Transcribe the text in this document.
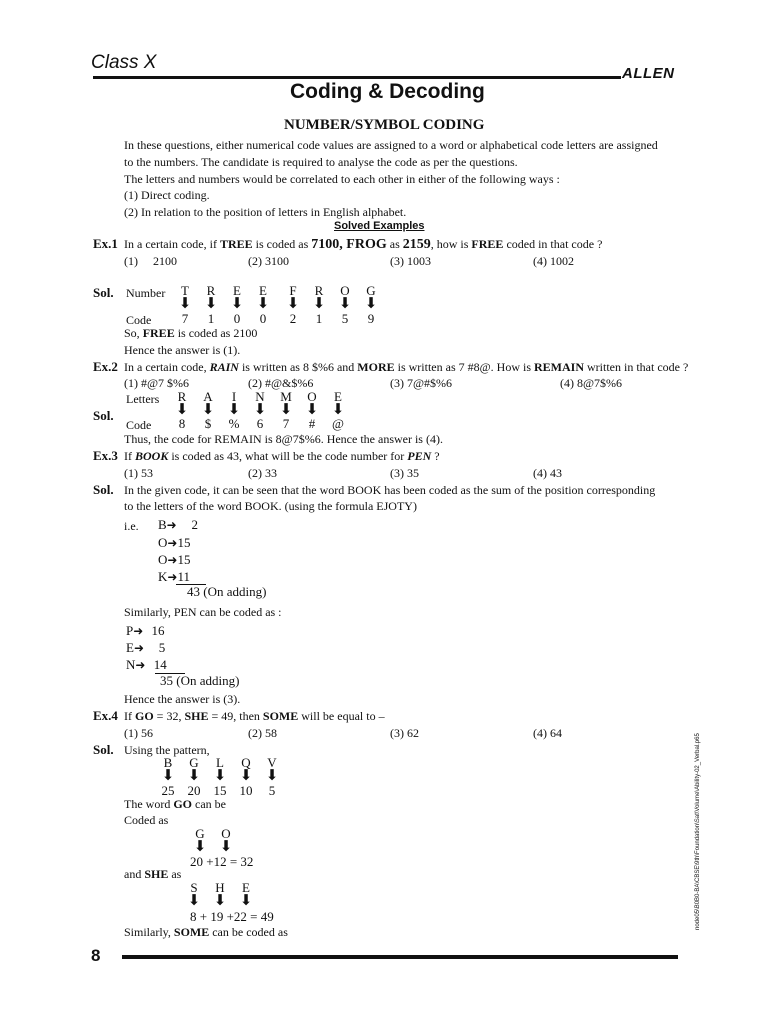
Class X
ALLEN
Coding & Decoding
NUMBER/SYMBOL CODING
In these questions, either numerical code values are assigned to a word or alphabetical code letters are assigned
to the numbers. The candidate is required to analyse the code as per the questions.
The letters and numbers would be correlated to each other in either of the following ways :
(1) Direct coding.
(2) In relation to the position of letters in English alphabet.
Solved Examples
Ex.1 In a certain code, if TREE is coded as 7100, FROG as 2159, how is FREE coded in that code ?
(1)     2100	(2) 3100	(3) 1003	(4) 1002
Sol. Number
Code
T R E E
⬇ ⬇ ⬇ ⬇
7 1 0 0
F R O G
⬇ ⬇ ⬇ ⬇
2 1 5 9
So, FREE is coded as 2100
Hence the answer is (1).
Ex.2 In a certain code, RAIN is written as 8 $%6 and MORE is written as 7 #8@. How is REMAIN written in that code ?
(1) #@7 $%6	(2) #@&$%6	(3) 7@#$%6	(4) 8@7$%6
Letters
Sol.
Code
R A I N M O E
⬇ ⬇ ⬇ ⬇ ⬇ ⬇ ⬇
8 $ % 6 7 # @
Thus, the code for REMAIN is 8@7$%6. Hence the answer is (4).
Ex.3 If BOOK is coded as 43, what will be the code number for PEN ?
(1) 53	(2) 33	(3) 35	(4) 43
Sol. In the given code, it can be seen that the word BOOK has been coded as the sum of the position corresponding
to the letters of the word BOOK. (using the formula EJOTY)
i.e. B➜ 2
O➜15
O➜15
K➜11
43 (On adding)
Similarly, PEN can be coded as :
P➜ 16
E➜ 5
N➜ 14
35 (On adding)
Hence the answer is (3).
Ex.4 If GO = 32, SHE = 49, then SOME will be equal to –
(1) 56	(2) 58	(3) 62	(4) 64
Sol. Using the pattern,
B G L Q V
⬇ ⬇ ⬇ ⬇ ⬇
25 20 15 10 5
The word GO can be
Coded as
G O
⬇ ⬇
20 +12 = 32
and SHE as
S H E
⬇ ⬇ ⬇
8 + 19 +22 = 49
Similarly, SOME can be coded as
node05\B0B0-BA\CBSE\9th\Foundation\Sat\Volume\Ability-02_Verbal.p65
8
